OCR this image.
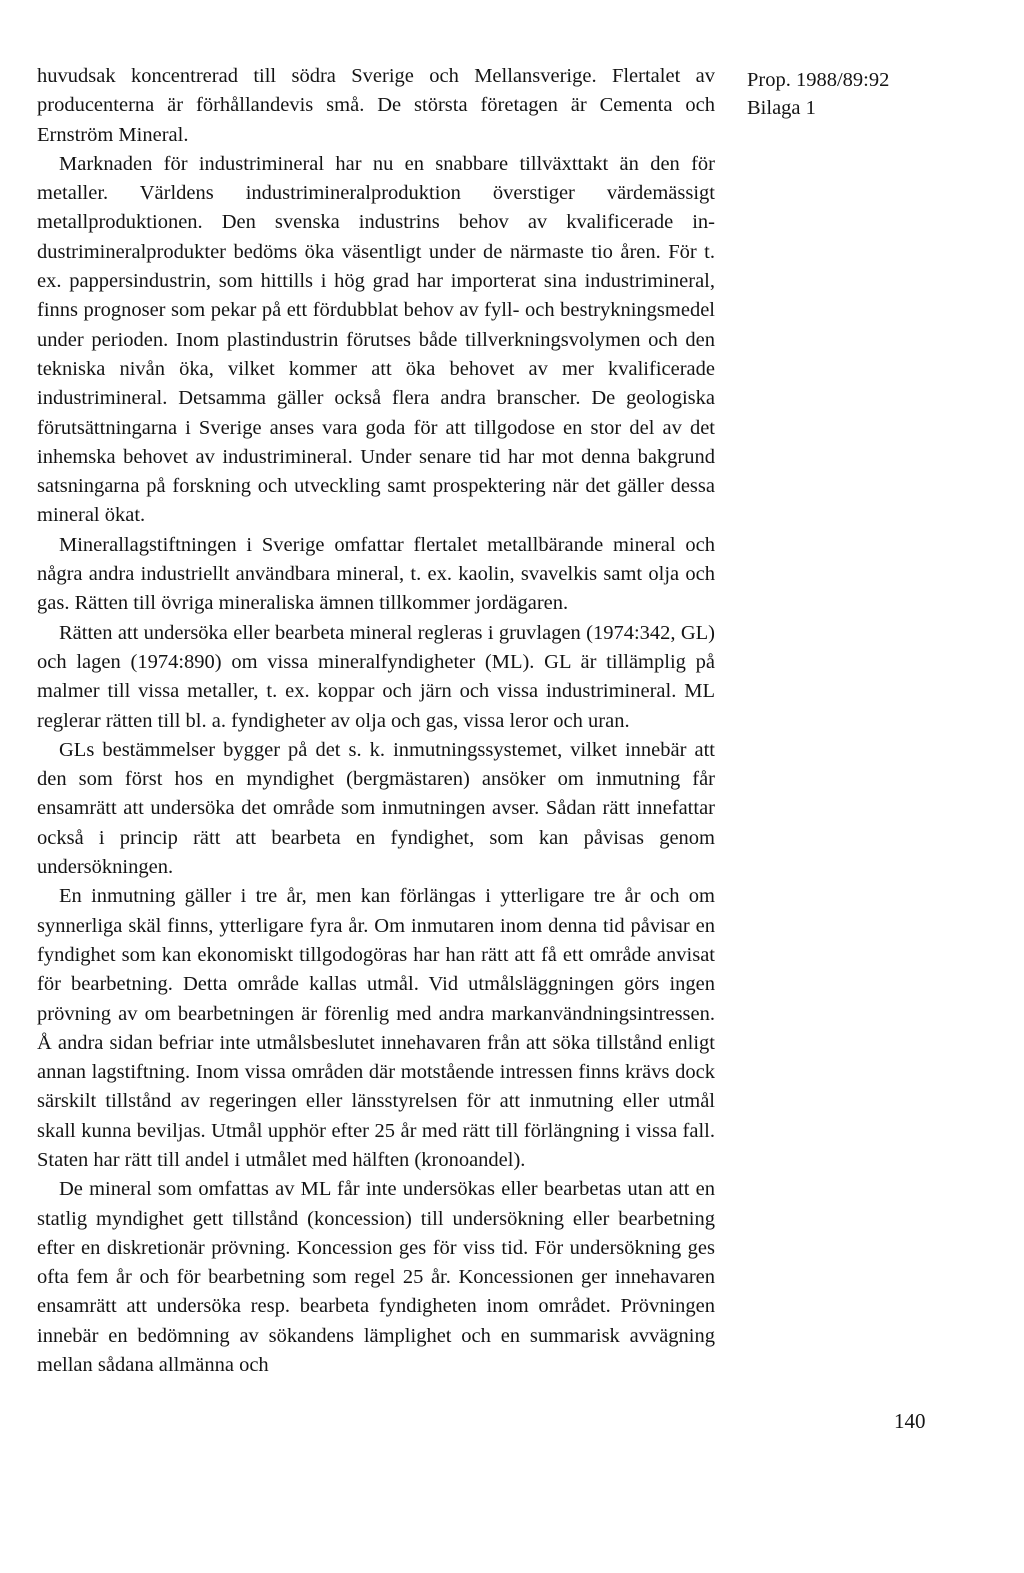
Prop. 1988/89:92
Bilaga 1

huvudsak koncentrerad till södra Sverige och Mellansverige. Flertalet av producenterna är förhållandevis små. De största företagen är Cementa och Ernström Mineral.

Marknaden för industrimineral har nu en snabbare tillväxttakt än den för metaller. Världens industrimineralproduktion överstiger värdemässigt metallproduktionen. Den svenska industrins behov av kvalificerade industrimineralprodukter bedöms öka väsentligt under de närmaste tio åren. För t. ex. pappersindustrin, som hittills i hög grad har importerat sina industrimineral, finns prognoser som pekar på ett fördubblat behov av fyll- och bestrykningsmedel under perioden. Inom plastindustrin förutses både tillverkningsvolymen och den tekniska nivån öka, vilket kommer att öka behovet av mer kvalificerade industrimineral. Detsamma gäller också flera andra branscher. De geologiska förutsättningarna i Sverige anses vara goda för att tillgodose en stor del av det inhemska behovet av industrimineral. Under senare tid har mot denna bakgrund satsningarna på forskning och utveckling samt prospektering när det gäller dessa mineral ökat.

Minerallagstiftningen i Sverige omfattar flertalet metallbärande mineral och några andra industriellt användbara mineral, t. ex. kaolin, svavelkis samt olja och gas. Rätten till övriga mineraliska ämnen tillkommer jordägaren.

Rätten att undersöka eller bearbeta mineral regleras i gruvlagen (1974:342, GL) och lagen (1974:890) om vissa mineralfyndigheter (ML). GL är tillämplig på malmer till vissa metaller, t. ex. koppar och järn och vissa industrimineral. ML reglerar rätten till bl. a. fyndigheter av olja och gas, vissa leror och uran.

GLs bestämmelser bygger på det s. k. inmutningssystemet, vilket innebär att den som först hos en myndighet (bergmästaren) ansöker om inmutning får ensamrätt att undersöka det område som inmutningen avser. Sådan rätt innefattar också i princip rätt att bearbeta en fyndighet, som kan påvisas genom undersökningen.

En inmutning gäller i tre år, men kan förlängas i ytterligare tre år och om synnerliga skäl finns, ytterligare fyra år. Om inmutaren inom denna tid påvisar en fyndighet som kan ekonomiskt tillgodogöras har han rätt att få ett område anvisat för bearbetning. Detta område kallas utmål. Vid utmålsläggningen görs ingen prövning av om bearbetningen är förenlig med andra markanvändningsintressen. Å andra sidan befriar inte utmålsbeslutet innehavaren från att söka tillstånd enligt annan lagstiftning. Inom vissa områden där motstående intressen finns krävs dock särskilt tillstånd av regeringen eller länsstyrelsen för att inmutning eller utmål skall kunna beviljas. Utmål upphör efter 25 år med rätt till förlängning i vissa fall. Staten har rätt till andel i utmålet med hälften (kronoandel).

De mineral som omfattas av ML får inte undersökas eller bearbetas utan att en statlig myndighet gett tillstånd (koncession) till undersökning eller bearbetning efter en diskretionär prövning. Koncession ges för viss tid. För undersökning ges ofta fem år och för bearbetning som regel 25 år. Koncessionen ger innehavaren ensamrätt att undersöka resp. bearbeta fyndigheten inom området. Prövningen innebär en bedömning av sökandens lämplighet och en summarisk avvägning mellan sådana allmänna och

140
